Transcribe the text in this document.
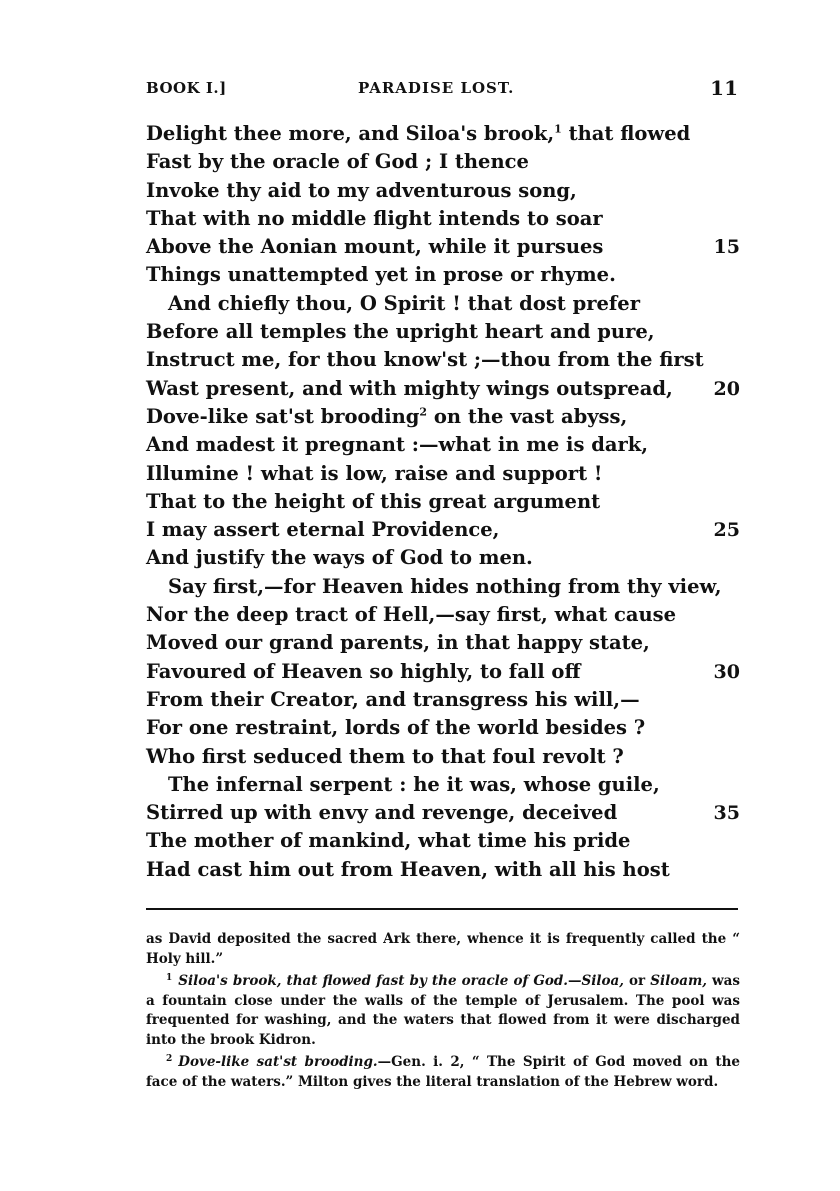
BOOK I.]	PARADISE LOST.	11
Delight thee more, and Siloa's brook,$^1$ that flowed
Fast by the oracle of God ; I thence
Invoke thy aid to my adventurous song,
That with no middle flight intends to soar
Above the Aonian mount, while it pursues	15
Things unattempted yet in prose or rhyme.
And chiefly thou, O Spirit ! that dost prefer
Before all temples the upright heart and pure,
Instruct me, for thou know'st ;—thou from the first
Wast present, and with mighty wings outspread, 20
Dove-like sat'st brooding$^2$ on the vast abyss,
And madest it pregnant :—what in me is dark,
Illumine ! what is low, raise and support !
That to the height of this great argument
I may assert eternal Providence,	25
And justify the ways of God to men.
Say first,—for Heaven hides nothing from thy view,
Nor the deep tract of Hell,—say first, what cause
Moved our grand parents, in that happy state,
Favoured of Heaven so highly, to fall off	30
From their Creator, and transgress his will,—
For one restraint, lords of the world besides ?
Who first seduced them to that foul revolt ?
The infernal serpent : he it was, whose guile,
Stirred up with envy and revenge, deceived	35
The mother of mankind, what time his pride
Had cast him out from Heaven, with all his host

as David deposited the sacred Ark there, whence it is frequently called the “ Holy hill.”

$^1$ Siloa's brook, that flowed fast by the oracle of God.—Siloa, or Siloam, was a fountain close under the walls of the temple of Jerusalem. The pool was frequented for washing, and the waters that flowed from it were discharged into the brook Kidron.

$^2$ Dove-like sat'st brooding.—Gen. i. 2, “ The Spirit of God moved on the face of the waters.” Milton gives the literal translation of the Hebrew word.
